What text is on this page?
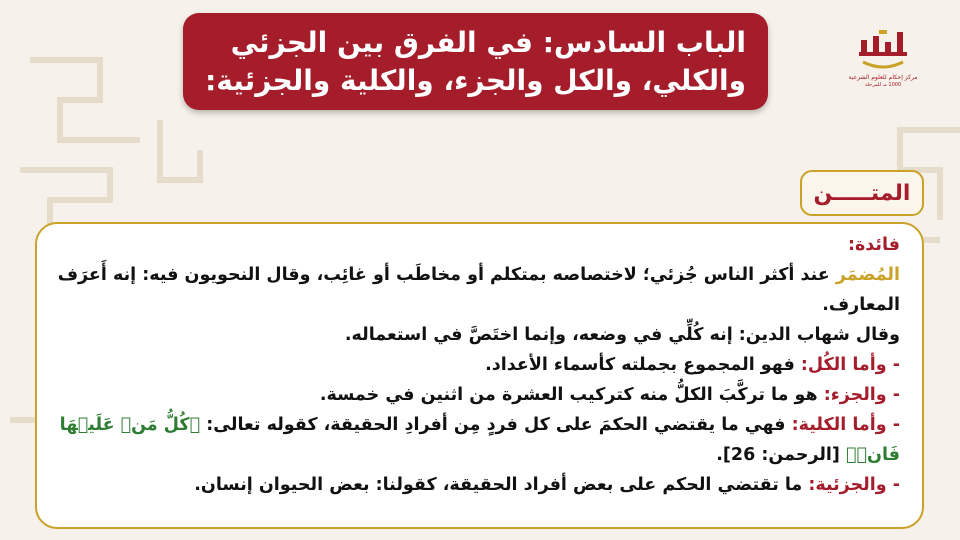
الباب السادس: في الفرق بين الجزئي
والكلي، والكل والجزء، والكلية والجزئية:	مركز إحكام للعلوم الشرعية
1000 مـ للمرحلة
المتـــــن

فائدة:

المُضمَر عند أكثر الناس جُزئي؛ لاختصاصه بمتكلم أو مخاطَب أو غائِب، وقال النحويون فيه: إنه أَعرَف المعارف.

وقال شهاب الدين: إنه كُلِّي في وضعه، وإنما اختَصَّ في استعماله.

- وأما الكُل: فهو المجموع بجملته كأسماء الأعداد.

- والجزء: هو ما تركَّبَ الكلُّ منه كتركيب العشرة من اثنين في خمسة.

- وأما الكلية: فهي ما يقتضي الحكمَ على كل فردٍ مِن أفرادِ الحقيقة، كقوله تعالى: ﴿كُلُّ مَنۡ عَلَيۡهَا فَانٖ﴾ [الرحمن: 26].

- والجزئية: ما تقتضي الحكم على بعض أفراد الحقيقة، كقولنا: بعض الحيوان إنسان.
